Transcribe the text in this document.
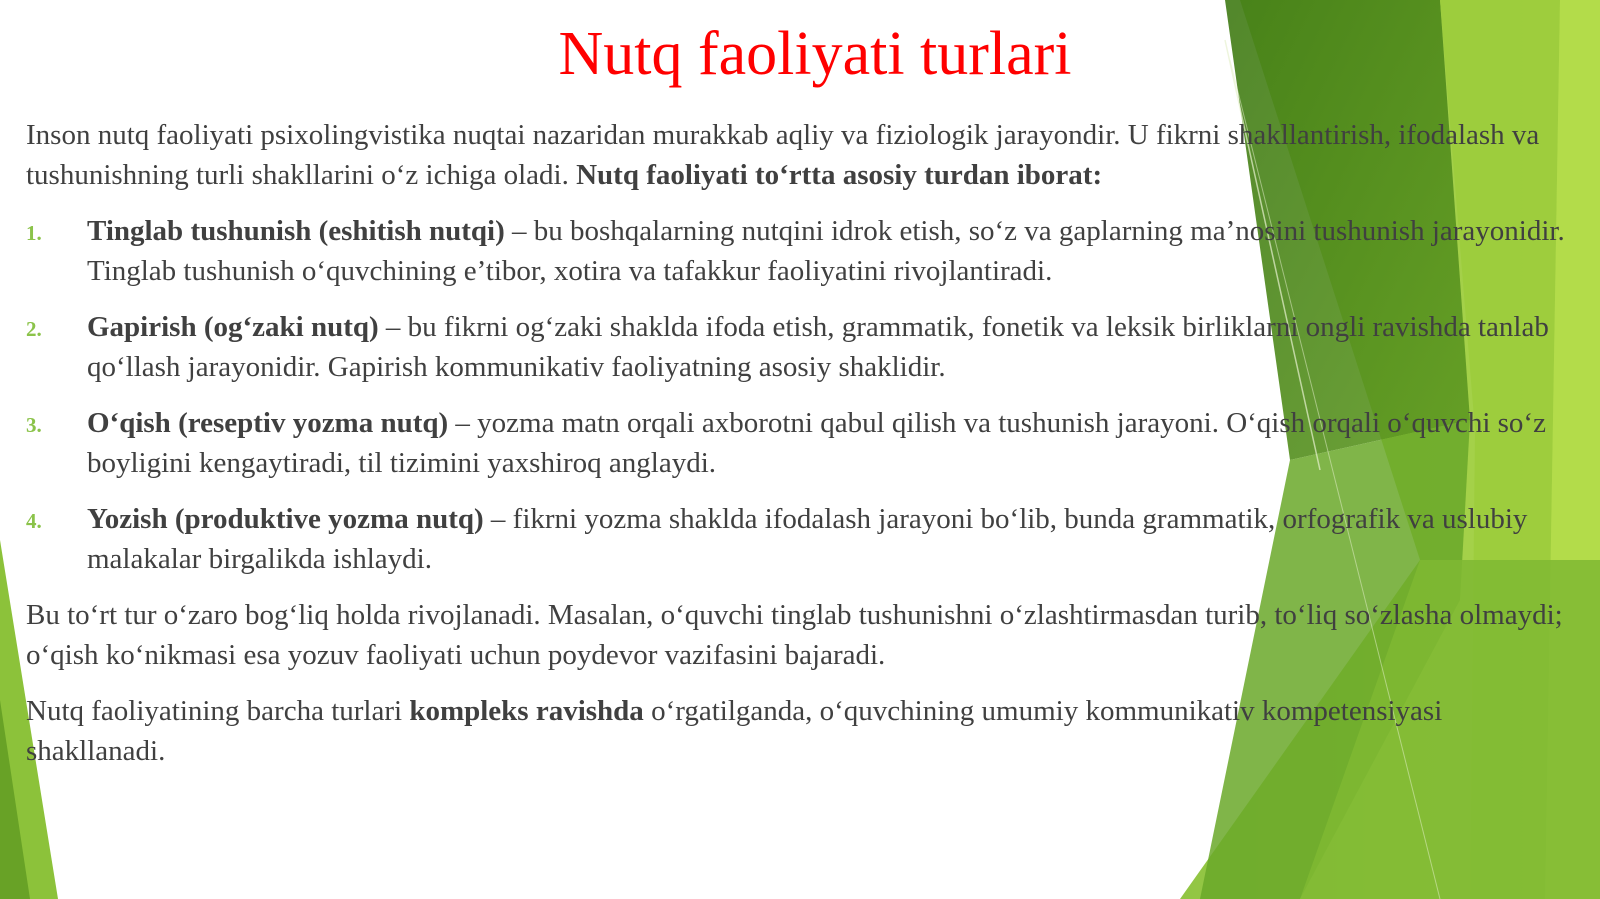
Nutq faoliyati turlari

Inson nutq faoliyati psixolingvistika nuqtai nazaridan murakkab aqliy va fiziologik jarayondir. U fikrni shakllantirish, ifodalash va tushunishning turli shakllarini o‘z ichiga oladi. Nutq faoliyati to‘rtta asosiy turdan iborat:

1. Tinglab tushunish (eshitish nutqi) – bu boshqalarning nutqini idrok etish, so‘z va gaplarning ma’nosini tushunish jarayonidir. Tinglab tushunish o‘quvchining e’tibor, xotira va tafakkur faoliyatini rivojlantiradi.
2. Gapirish (og‘zaki nutq) – bu fikrni og‘zaki shaklda ifoda etish, grammatik, fonetik va leksik birliklarni ongli ravishda tanlab qo‘llash jarayonidir. Gapirish kommunikativ faoliyatning asosiy shaklidir.
3. O‘qish (reseptiv yozma nutq) – yozma matn orqali axborotni qabul qilish va tushunish jarayoni. O‘qish orqali o‘quvchi so‘z boyligini kengaytiradi, til tizimini yaxshiroq anglaydi.
4. Yozish (produktive yozma nutq) – fikrni yozma shaklda ifodalash jarayoni bo‘lib, bunda grammatik, orfografik va uslubiy malakalar birgalikda ishlaydi.

Bu to‘rt tur o‘zaro bog‘liq holda rivojlanadi. Masalan, o‘quvchi tinglab tushunishni o‘zlashtirmasdan turib, to‘liq so‘zlasha olmaydi; o‘qish ko‘nikmasi esa yozuv faoliyati uchun poydevor vazifasini bajaradi.

Nutq faoliyatining barcha turlari kompleks ravishda o‘rgatilganda, o‘quvchining umumiy kommunikativ kompetensiyasi shakllanadi.
